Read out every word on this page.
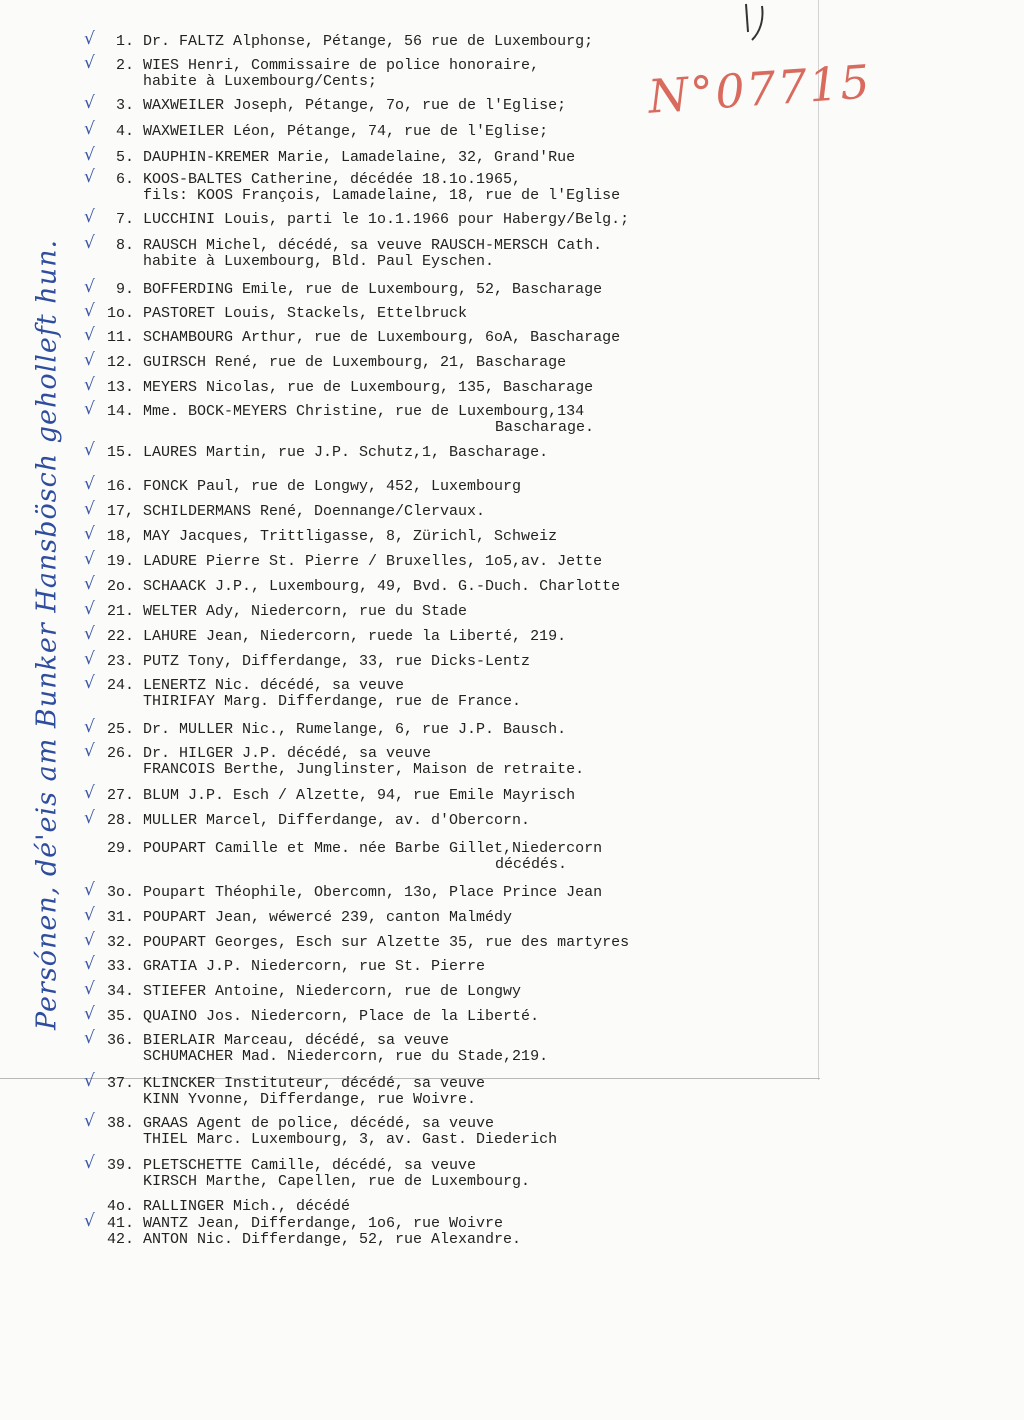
N°07715
Persónen, dé'eis am Bunker Hansbösch geholleft hun.
√	1. Dr. FALTZ Alphonse, Pétange, 56 rue de Luxembourg;
√	2. WIES Henri, Commissaire de police honoraire,
habite à Luxembourg/Cents;
√	3. WAXWEILER Joseph, Pétange, 7o, rue de l'Eglise;
√	4. WAXWEILER Léon, Pétange, 74, rue de l'Eglise;
√	5. DAUPHIN-KREMER Marie, Lamadelaine, 32, Grand'Rue
√	6. KOOS-BALTES Catherine, décédée 18.1o.1965,
fils: KOOS François, Lamadelaine, 18, rue de l'Eglise
√	7. LUCCHINI Louis, parti le 1o.1.1966 pour Habergy/Belg.;
√	8. RAUSCH Michel, décédé, sa veuve RAUSCH-MERSCH Cath.
habite à Luxembourg, Bld. Paul Eyschen.
√	9. BOFFERDING Emile, rue de Luxembourg, 52, Bascharage
√ 1o. PASTORET Louis, Stackels, Ettelbruck
√ 11. SCHAMBOURG Arthur, rue de Luxembourg, 6oA, Bascharage
√ 12. GUIRSCH René, rue de Luxembourg, 21, Bascharage
√ 13. MEYERS Nicolas, rue de Luxembourg, 135, Bascharage
√ 14. Mme. BOCK-MEYERS Christine, rue de Luxembourg,134
Bascharage.
√ 15. LAURES Martin, rue J.P. Schutz,1, Bascharage.
√ 16. FONCK Paul, rue de Longwy, 452, Luxembourg
√ 17, SCHILDERMANS René, Doennange/Clervaux.
√ 18, MAY Jacques, Trittligasse, 8, Zürichl, Schweiz
√ 19. LADURE Pierre St. Pierre / Bruxelles, 1o5,av. Jette
√ 2o. SCHAACK J.P., Luxembourg, 49, Bvd. G.-Duch. Charlotte
√ 21. WELTER Ady, Niedercorn, rue du Stade
√ 22. LAHURE Jean, Niedercorn, ruede la Liberté, 219.
√ 23. PUTZ Tony, Differdange, 33, rue Dicks-Lentz
√ 24. LENERTZ Nic. décédé, sa veuve
THIRIFAY Marg. Differdange, rue de France.
√ 25. Dr. MULLER Nic., Rumelange, 6, rue J.P. Bausch.
√ 26. Dr. HILGER J.P. décédé, sa veuve
FRANCOIS Berthe, Junglinster, Maison de retraite.
√ 27. BLUM J.P. Esch / Alzette, 94, rue Emile Mayrisch
√ 28. MULLER Marcel, Differdange, av. d'Obercorn.
29. POUPART Camille et Mme. née Barbe Gillet,Niedercorn
décédés.
√ 3o. Poupart Théophile, Obercomn, 13o, Place Prince Jean
√ 31. POUPART Jean, wéwercé 239, canton Malmédy
√ 32. POUPART Georges, Esch sur Alzette 35, rue des martyres
√ 33. GRATIA J.P. Niedercorn, rue St. Pierre
√ 34. STIEFER Antoine, Niedercorn, rue de Longwy
√ 35. QUAINO Jos. Niedercorn, Place de la Liberté.
√ 36. BIERLAIR Marceau, décédé, sa veuve
SCHUMACHER Mad. Niedercorn, rue du Stade,219.
√ 37. KLINCKER Instituteur, décédé, sa veuve
KINN Yvonne, Differdange, rue Woivre.
√ 38. GRAAS Agent de police, décédé, sa veuve
THIEL Marc. Luxembourg, 3, av. Gast. Diederich
√ 39. PLETSCHETTE Camille, décédé, sa veuve
KIRSCH Marthe, Capellen, rue de Luxembourg.
4o. RALLINGER Mich., décédé
√ 41. WANTZ Jean, Differdange, 1o6, rue Woivre
42. ANTON Nic. Differdange, 52, rue Alexandre.
